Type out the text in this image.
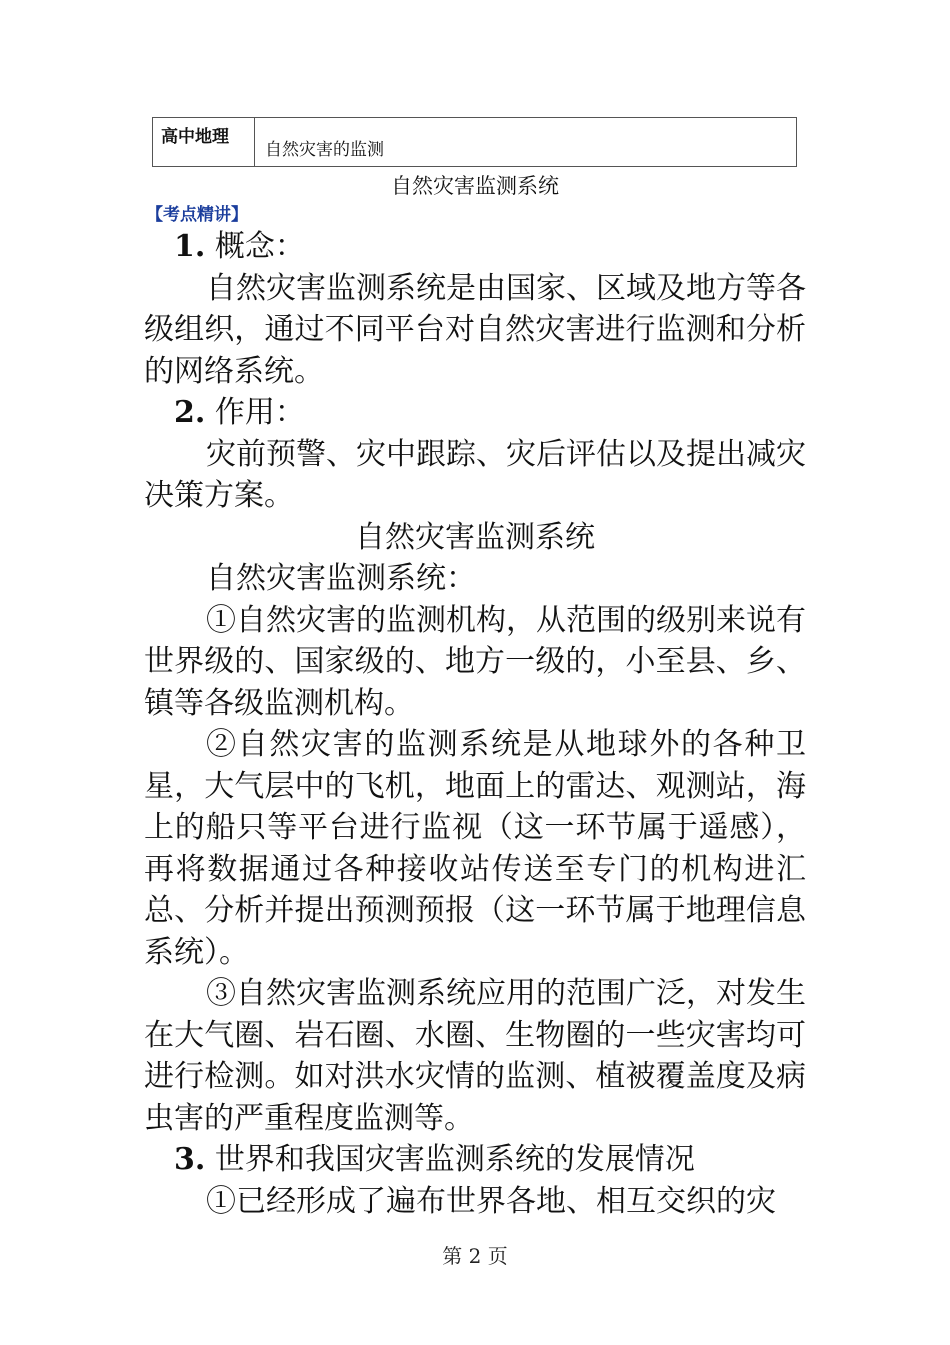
高中地理
自然灾害的监测
自然灾害监测系统
【考点精讲】

1. 概念：

自然灾害监测系统是由国家、区域及地方等各级组织，通过不同平台对自然灾害进行监测和分析的网络系统。

2. 作用：

灾前预警、灾中跟踪、灾后评估以及提出减灾决策方案。

自然灾害监测系统

自然灾害监测系统：

①自然灾害的监测机构，从范围的级别来说有世界级的、国家级的、地方一级的，小至县、乡、镇等各级监测机构。

②自然灾害的监测系统是从地球外的各种卫星，大气层中的飞机，地面上的雷达、观测站，海上的船只等平台进行监视（这一环节属于遥感），再将数据通过各种接收站传送至专门的机构进汇总、分析并提出预测预报（这一环节属于地理信息系统）。

③自然灾害监测系统应用的范围广泛，对发生在大气圈、岩石圈、水圈、生物圈的一些灾害均可进行检测。如对洪水灾情的监测、植被覆盖度及病虫害的严重程度监测等。

3. 世界和我国灾害监测系统的发展情况

①已经形成了遍布世界各地、相互交织的灾

第 2 页
